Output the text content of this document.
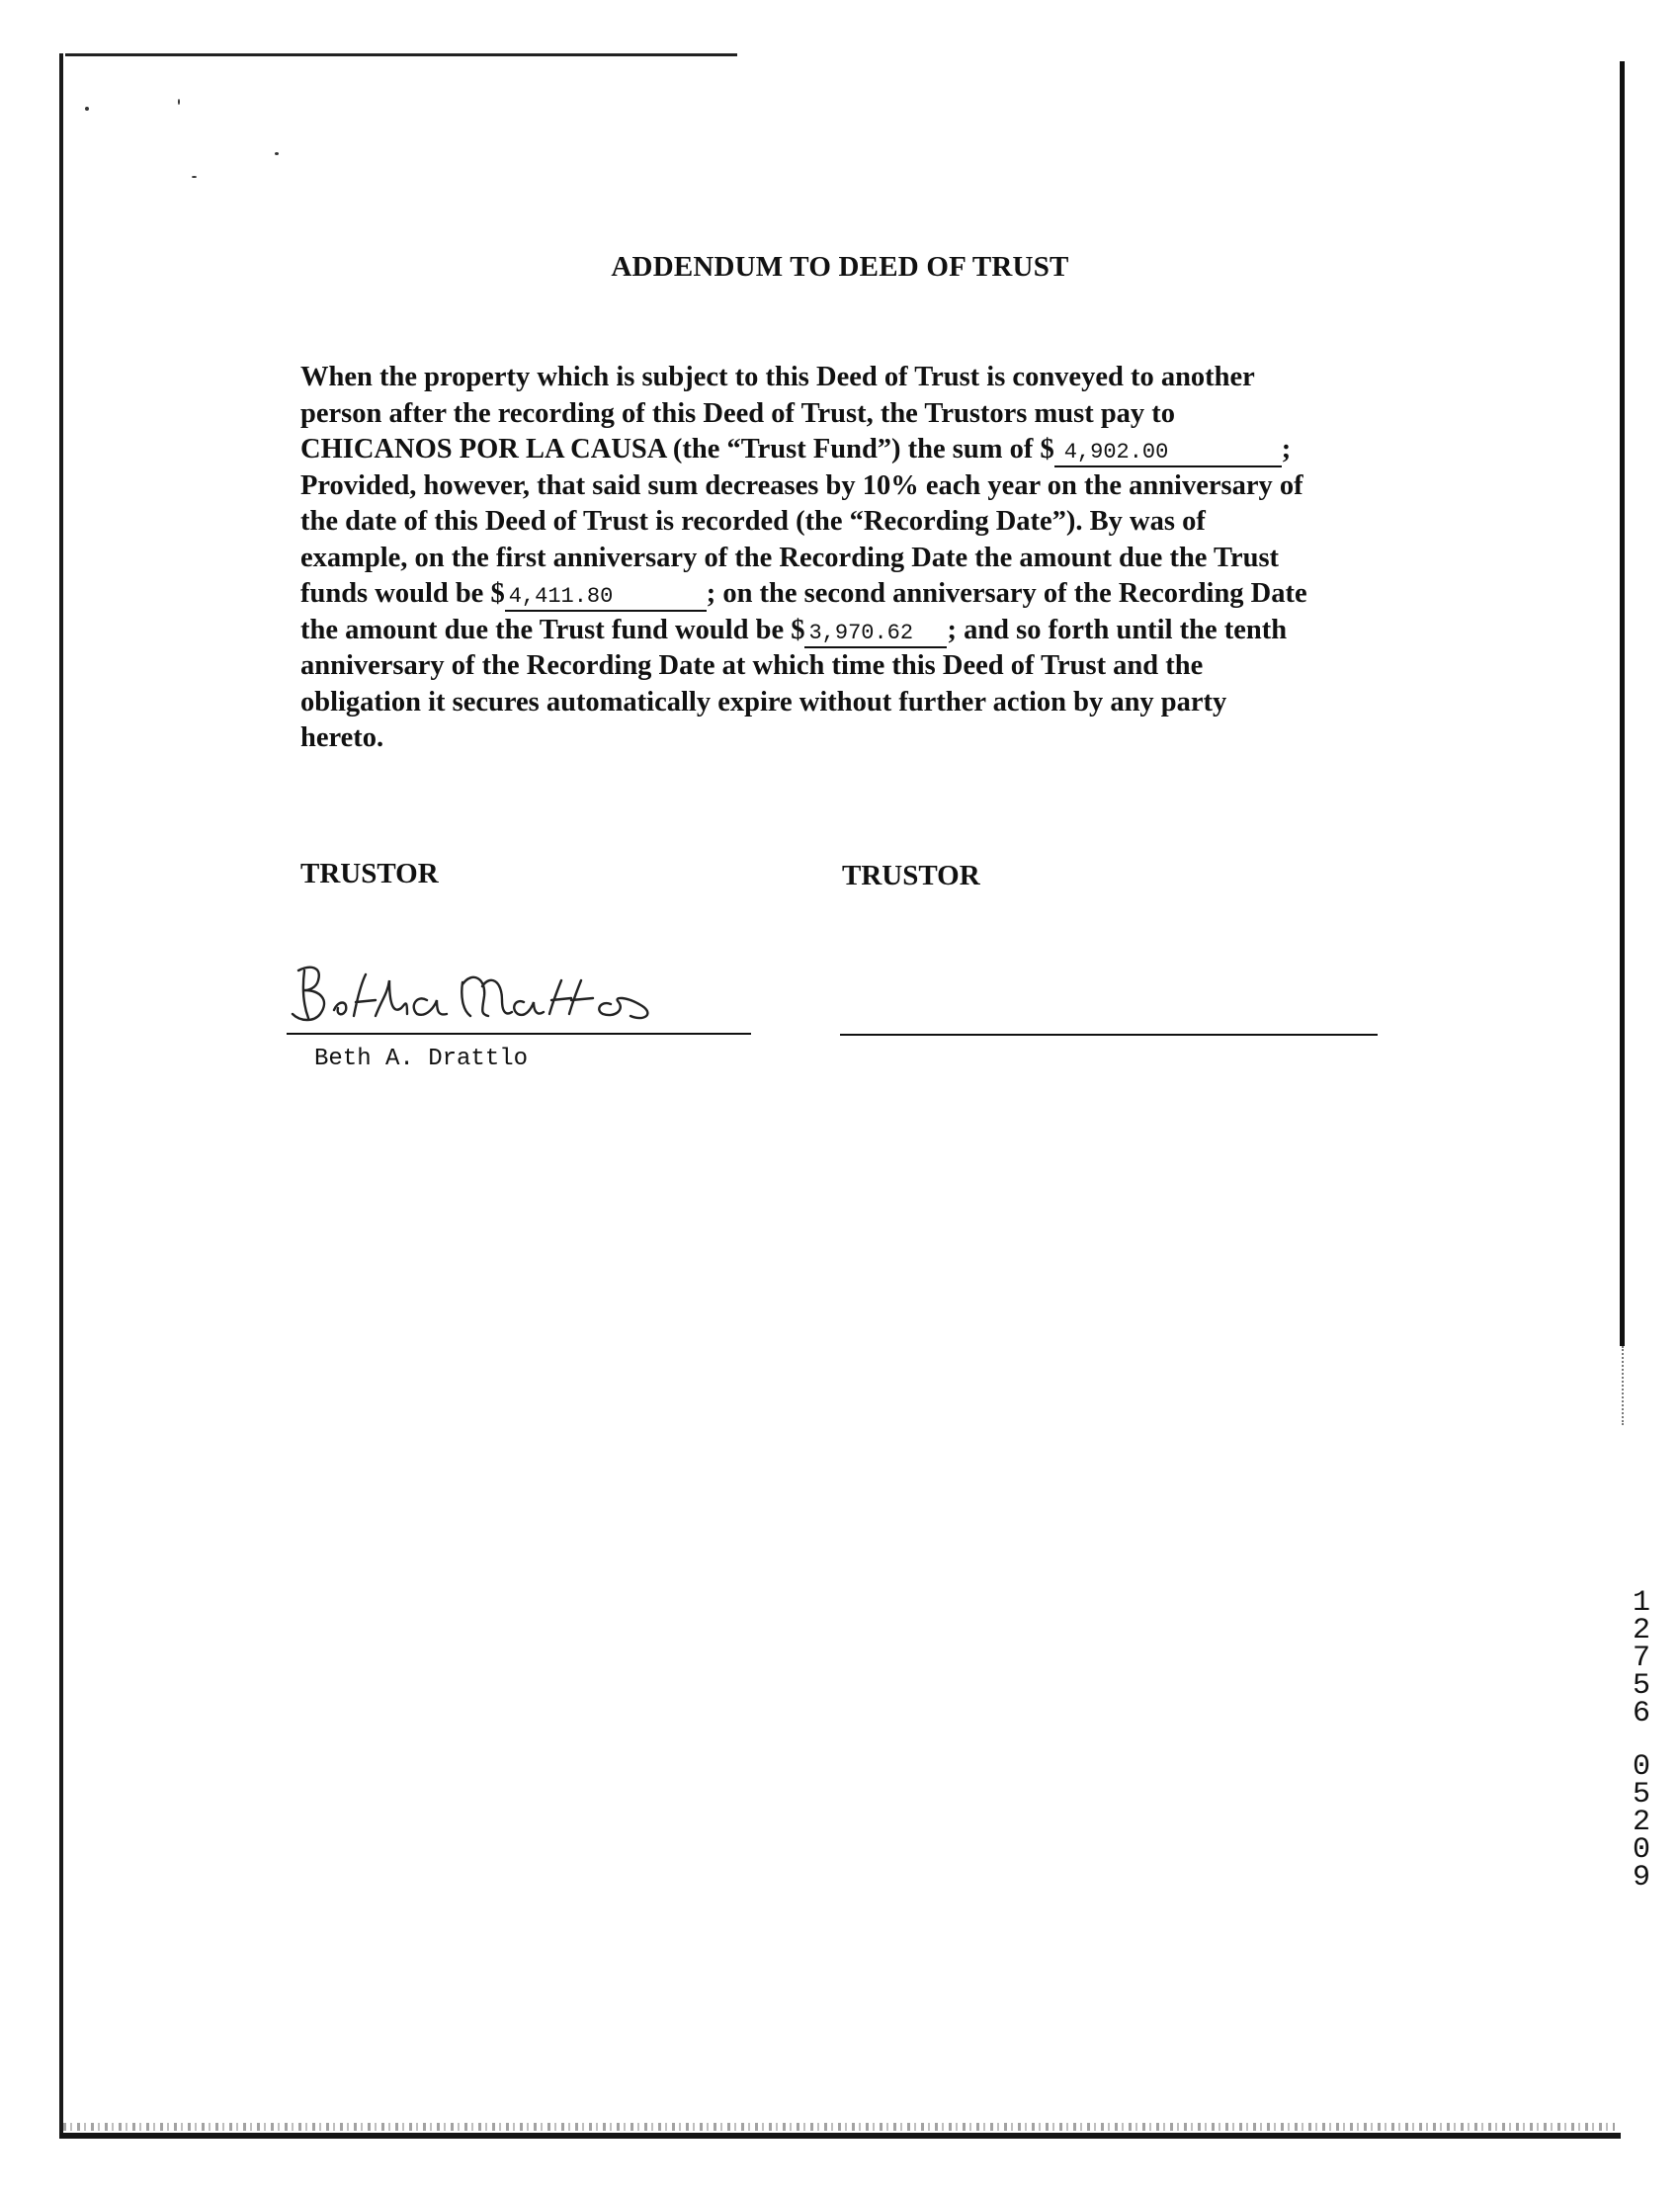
ADDENDUM TO DEED OF TRUST
When the property which is subject to this Deed of Trust is conveyed to another
person after the recording of this Deed of Trust, the Trustors must pay to
CHICANOS POR LA CAUSA (the “Trust Fund”) the sum of $ 4,902.00	;
Provided, however, that said sum decreases by 10% each year on the anniversary of
the date of this Deed of Trust is recorded (the “Recording Date”). By was of
example, on the first anniversary of the Recording Date the amount due the Trust
funds would be $ 4,411.80	; on the second anniversary of the Recording Date
the amount due the Trust fund would be $ 3,970.62 ; and so forth until the tenth
anniversary of the Recording Date at which time this Deed of Trust and the
obligation it secures automatically expire without further action by any party
hereto.
TRUSTOR	TRUSTOR
Beth a Drattlo
Beth A. Drattlo
1
2
7
5
6
0
5
2
0
9
